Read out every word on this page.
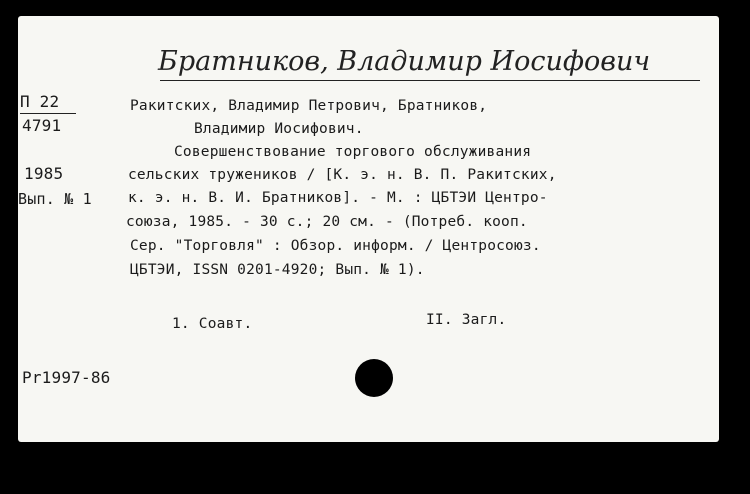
Братников, Владимир Иосифович
П 22
4791
1985
Вып. № 1
Ракитских, Владимир Петрович, Братников,
Владимир Иосифович.
Совершенствование торгового обслуживания
сельских тружеников / [К. э. н. В. П. Ракитских,
к. э. н. В. И. Братников]. - М. : ЦБТЭИ Центро-
союза, 1985. - 30 с.; 20 см. - (Потреб. кооп.
Сер. "Торговля" : Обзор. информ. / Центросоюз.
ЦБТЭИ, ISSN 0201-4920; Вып. № 1).
1. Соавт.	II. Загл.
Рr1997-86
